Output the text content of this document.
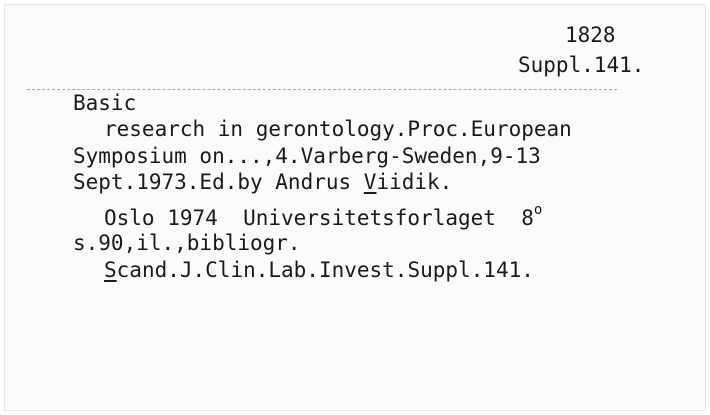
1828
Suppl.141.
Basic
research in gerontology.Proc.European
Symposium on...,4.Varberg-Sweden,9-13
Sept.1973.Ed.by Andrus Viidik.
Oslo 1974  Universitetsforlaget  8$^o$
s.90,il.,bibliogr.
Scand.J.Clin.Lab.Invest.Suppl.141.
